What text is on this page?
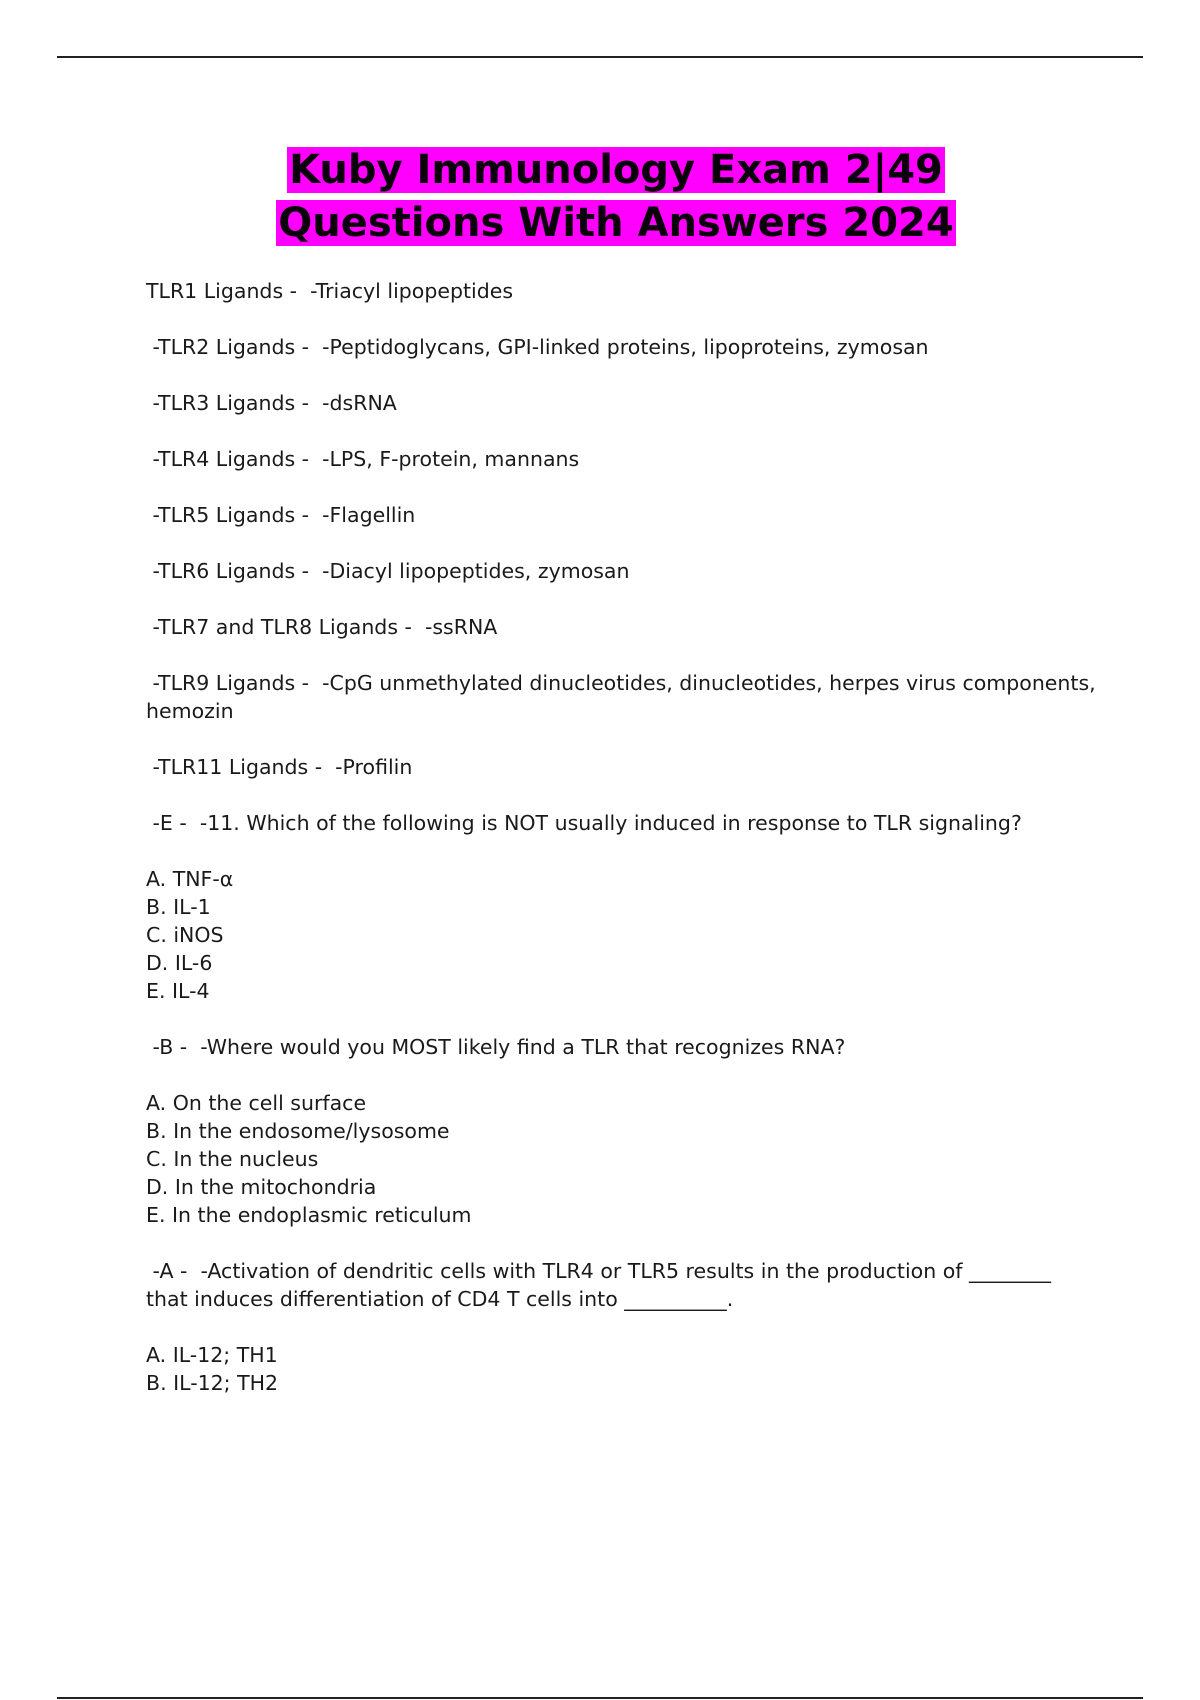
Kuby Immunology Exam 2|49
Questions With Answers 2024

TLR1 Ligands -  -Triacyl lipopeptides

-TLR2 Ligands -  -Peptidoglycans, GPI-linked proteins, lipoproteins, zymosan

-TLR3 Ligands -  -dsRNA

-TLR4 Ligands -  -LPS, F-protein, mannans

-TLR5 Ligands -  -Flagellin

-TLR6 Ligands -  -Diacyl lipopeptides, zymosan

-TLR7 and TLR8 Ligands -  -ssRNA

-TLR9 Ligands -  -CpG unmethylated dinucleotides, dinucleotides, herpes virus components, hemozin

-TLR11 Ligands -  -Profilin

-E -  -11. Which of the following is NOT usually induced in response to TLR signaling?

A. TNF-α

B. IL-1

C. iNOS

D. IL-6

E. IL-4

-B -  -Where would you MOST likely find a TLR that recognizes RNA?

A. On the cell surface

B. In the endosome/lysosome

C. In the nucleus

D. In the mitochondria

E. In the endoplasmic reticulum

-A -  -Activation of dendritic cells with TLR4 or TLR5 results in the production of ________ that induces differentiation of CD4 T cells into __________.

A. IL-12; TH1

B. IL-12; TH2
